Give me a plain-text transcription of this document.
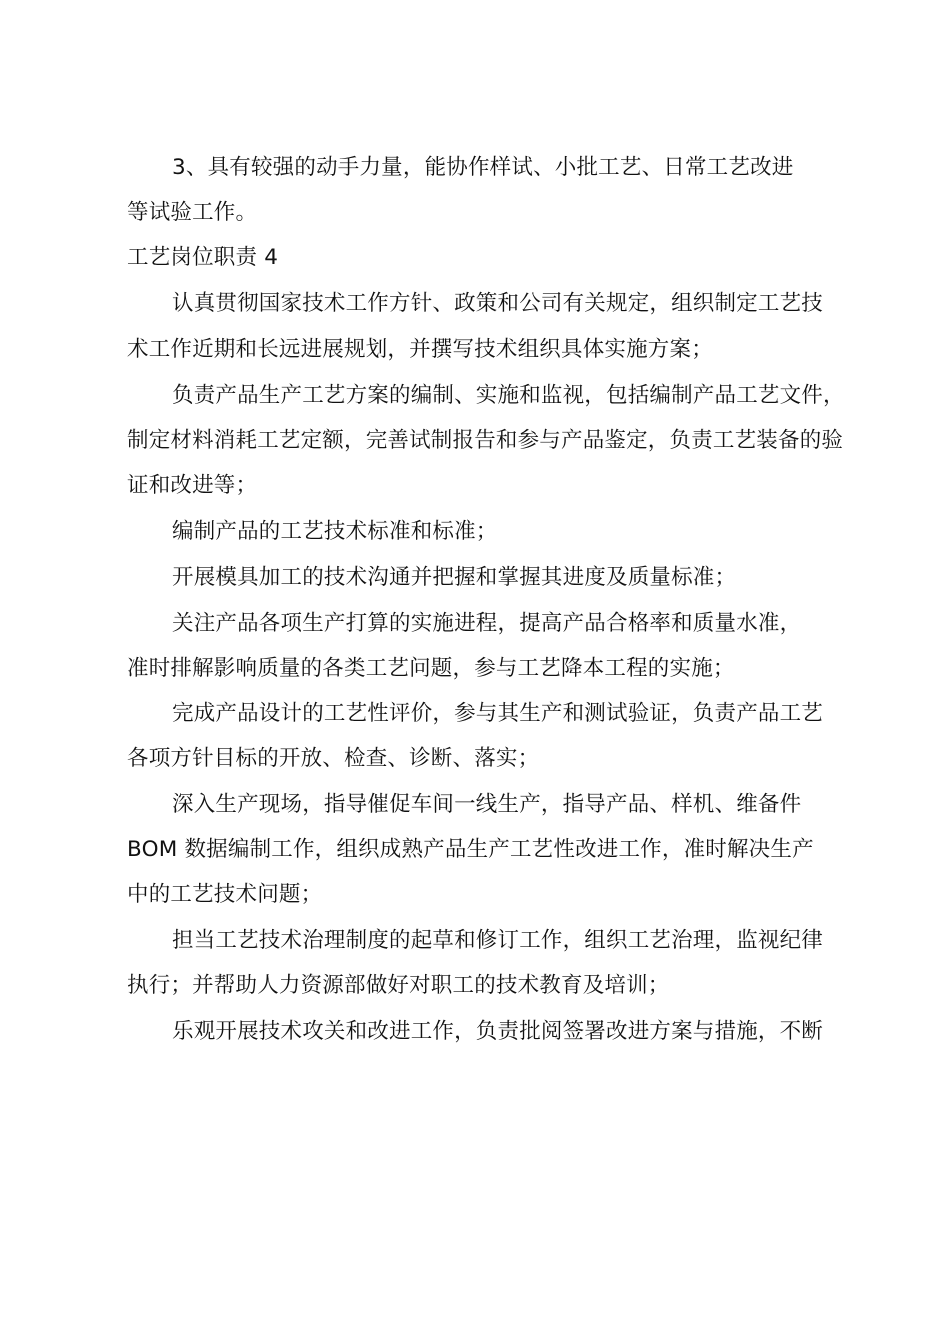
3、具有较强的动手力量，能协作样试、小批工艺、日常工艺改进
等试验工作。
工艺岗位职责 4
认真贯彻国家技术工作方针、政策和公司有关规定，组织制定工艺技
术工作近期和长远进展规划，并撰写技术组织具体实施方案；
负责产品生产工艺方案的编制、实施和监视，包括编制产品工艺文件，
制定材料消耗工艺定额，完善试制报告和参与产品鉴定，负责工艺装备的验
证和改进等；
编制产品的工艺技术标准和标准；
开展模具加工的技术沟通并把握和掌握其进度及质量标准；
关注产品各项生产打算的实施进程，提高产品合格率和质量水准，
准时排解影响质量的各类工艺问题，参与工艺降本工程的实施；
完成产品设计的工艺性评价，参与其生产和测试验证，负责产品工艺
各项方针目标的开放、检查、诊断、落实；
深入生产现场，指导催促车间一线生产，指导产品、样机、维备件
BOM 数据编制工作，组织成熟产品生产工艺性改进工作，准时解决生产
中的工艺技术问题；
担当工艺技术治理制度的起草和修订工作，组织工艺治理，监视纪律
执行；并帮助人力资源部做好对职工的技术教育及培训；
乐观开展技术攻关和改进工作，负责批阅签署改进方案与措施，不断
